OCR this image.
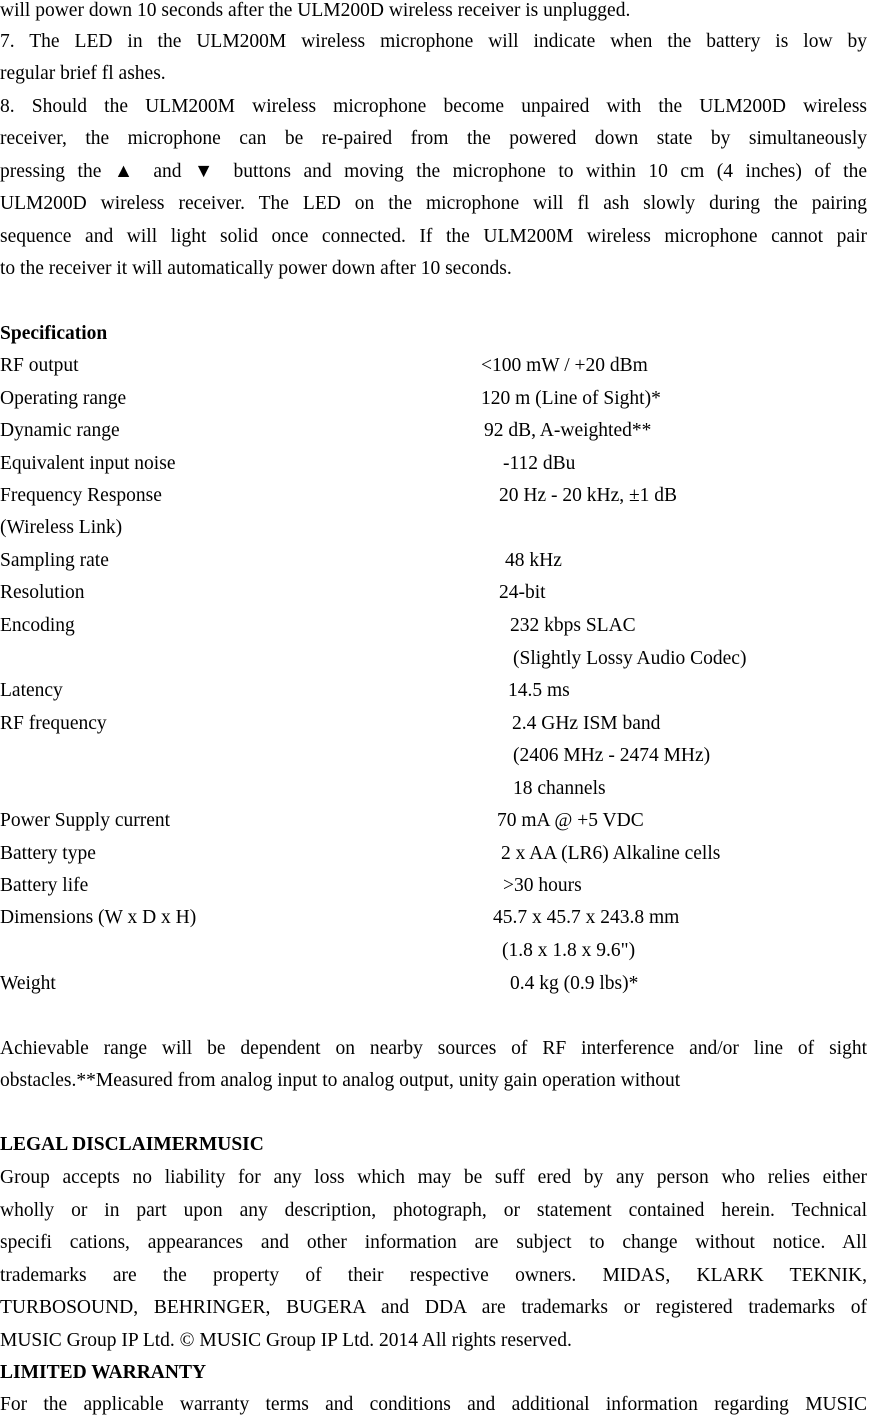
will power down 10 seconds after the ULM200D wireless receiver is unplugged.
7. The LED in the ULM200M wireless microphone will indicate when the battery is low by
regular brief fl ashes.
8. Should the ULM200M wireless microphone become unpaired with the ULM200D wireless
receiver, the microphone can be re-paired from the powered down state by simultaneously
pressing the ▲ and ▼ buttons and moving the microphone to within 10 cm (4 inches) of the
ULM200D wireless receiver. The LED on the microphone will fl ash slowly during the pairing
sequence and will light solid once connected. If the ULM200M wireless microphone cannot pair
to the receiver it will automatically power down after 10 seconds.
Specification
RF output	<100 mW / +20 dBm
Operating range	120 m (Line of Sight)*
Dynamic range	92 dB, A-weighted**
Equivalent input noise	-112 dBu
Frequency Response	20 Hz - 20 kHz, ±1 dB
(Wireless Link)
Sampling rate	48 kHz
Resolution	24-bit
Encoding	232 kbps SLAC
(Slightly Lossy Audio Codec)
Latency	14.5 ms
RF frequency	2.4 GHz ISM band
(2406 MHz - 2474 MHz)
18 channels
Power Supply current	70 mA @ +5 VDC
Battery type	2 x AA (LR6) Alkaline cells
Battery life	>30 hours
Dimensions (W x D x H)	45.7 x 45.7 x 243.8 mm
(1.8 x 1.8 x 9.6")
Weight	0.4 kg (0.9 lbs)*
Achievable range will be dependent on nearby sources of RF interference and/or line of sight
obstacles.**Measured from analog input to analog output, unity gain operation without
LEGAL DISCLAIMERMUSIC
Group accepts no liability for any loss which may be suff ered by any person who relies either
wholly or in part upon any description, photograph, or statement contained herein. Technical
specifi cations, appearances and other information are subject to change without notice. All
trademarks are the property of their respective owners. MIDAS, KLARK TEKNIK,
TURBOSOUND, BEHRINGER, BUGERA and DDA are trademarks or registered trademarks of
MUSIC Group IP Ltd. © MUSIC Group IP Ltd. 2014 All rights reserved.
LIMITED WARRANTY
For the applicable warranty terms and conditions and additional information regarding MUSIC
